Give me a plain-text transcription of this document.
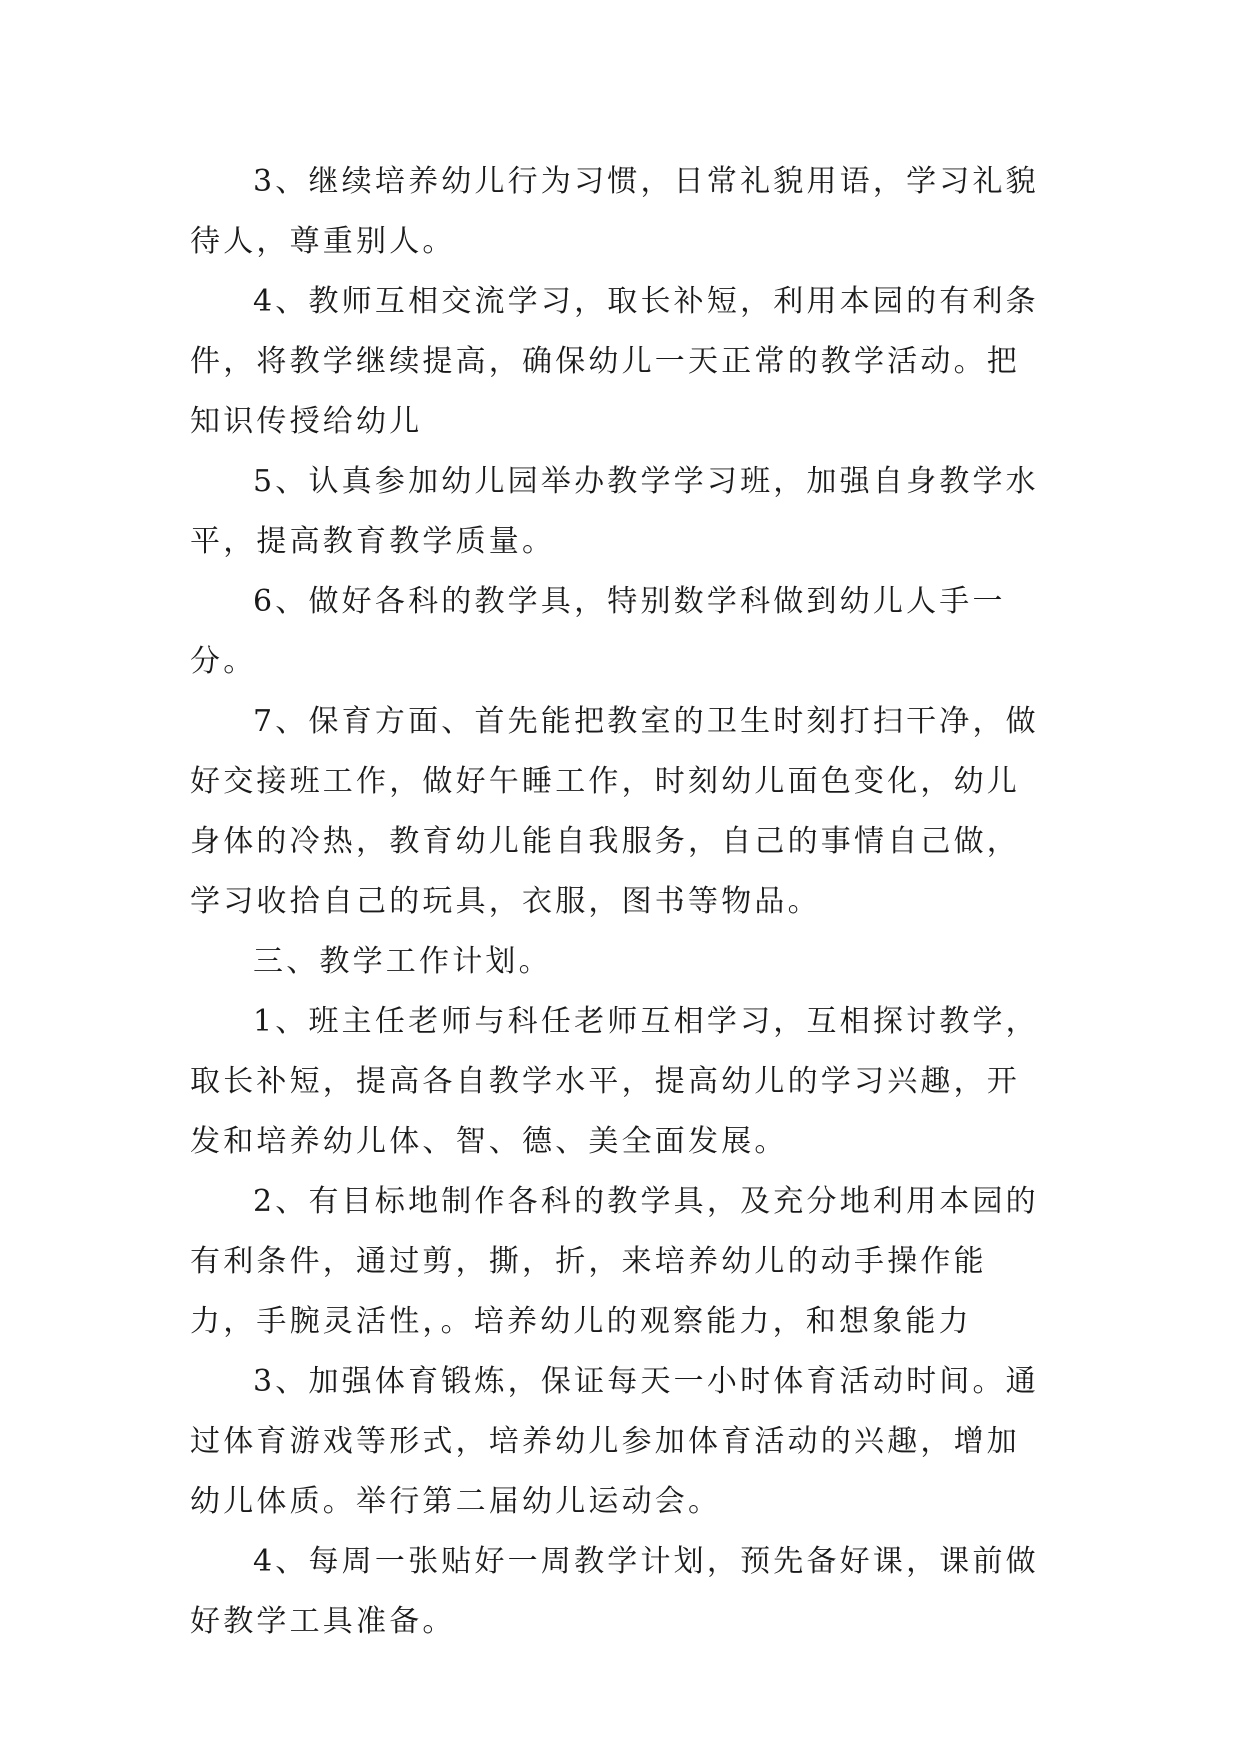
3、继续培养幼儿行为习惯，日常礼貌用语，学习礼貌待人，尊重别人。

4、教师互相交流学习，取长补短，利用本园的有利条件，将教学继续提高，确保幼儿一天正常的教学活动。把知识传授给幼儿

5、认真参加幼儿园举办教学学习班，加强自身教学水平，提高教育教学质量。

6、做好各科的教学具，特别数学科做到幼儿人手一分。

7、保育方面、首先能把教室的卫生时刻打扫干净，做好交接班工作，做好午睡工作，时刻幼儿面色变化，幼儿身体的冷热，教育幼儿能自我服务，自己的事情自己做，学习收拾自己的玩具，衣服，图书等物品。

三、教学工作计划。

1、班主任老师与科任老师互相学习，互相探讨教学，取长补短，提高各自教学水平，提高幼儿的学习兴趣，开发和培养幼儿体、智、德、美全面发展。

2、有目标地制作各科的教学具，及充分地利用本园的有利条件，通过剪，撕，折，来培养幼儿的动手操作能力，手腕灵活性，。培养幼儿的观察能力，和想象能力

3、加强体育锻炼，保证每天一小时体育活动时间。通过体育游戏等形式，培养幼儿参加体育活动的兴趣，增加幼儿体质。举行第二届幼儿运动会。

4、每周一张贴好一周教学计划，预先备好课，课前做好教学工具准备。
